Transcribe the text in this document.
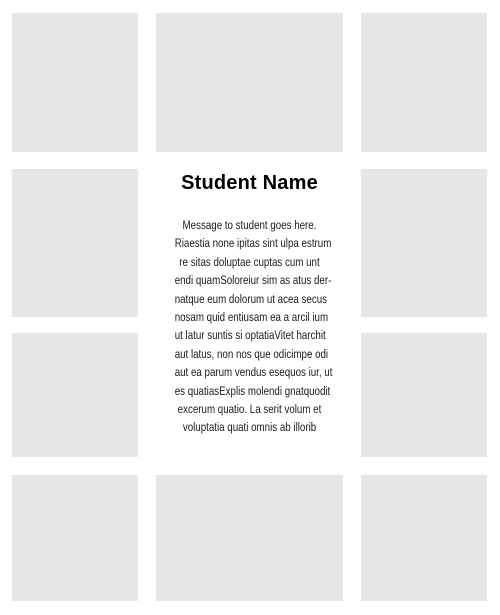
Student Name
Message to student goes here.
Riaestia none ipitas sint ulpa estrum
re sitas doluptae cuptas cum unt
endi quamSoloreiur sim as atus der-
natque eum dolorum ut acea secus
nosam quid entiusam ea a arcil ium
ut latur suntis si optatiaVitet harchit
aut latus, non nos que odicimpe odi
aut ea parum vendus esequos iur, ut
es quatiasExplis molendi gnatquodit
excerum quatio. La serit volum et
voluptatia quati omnis ab illorib
